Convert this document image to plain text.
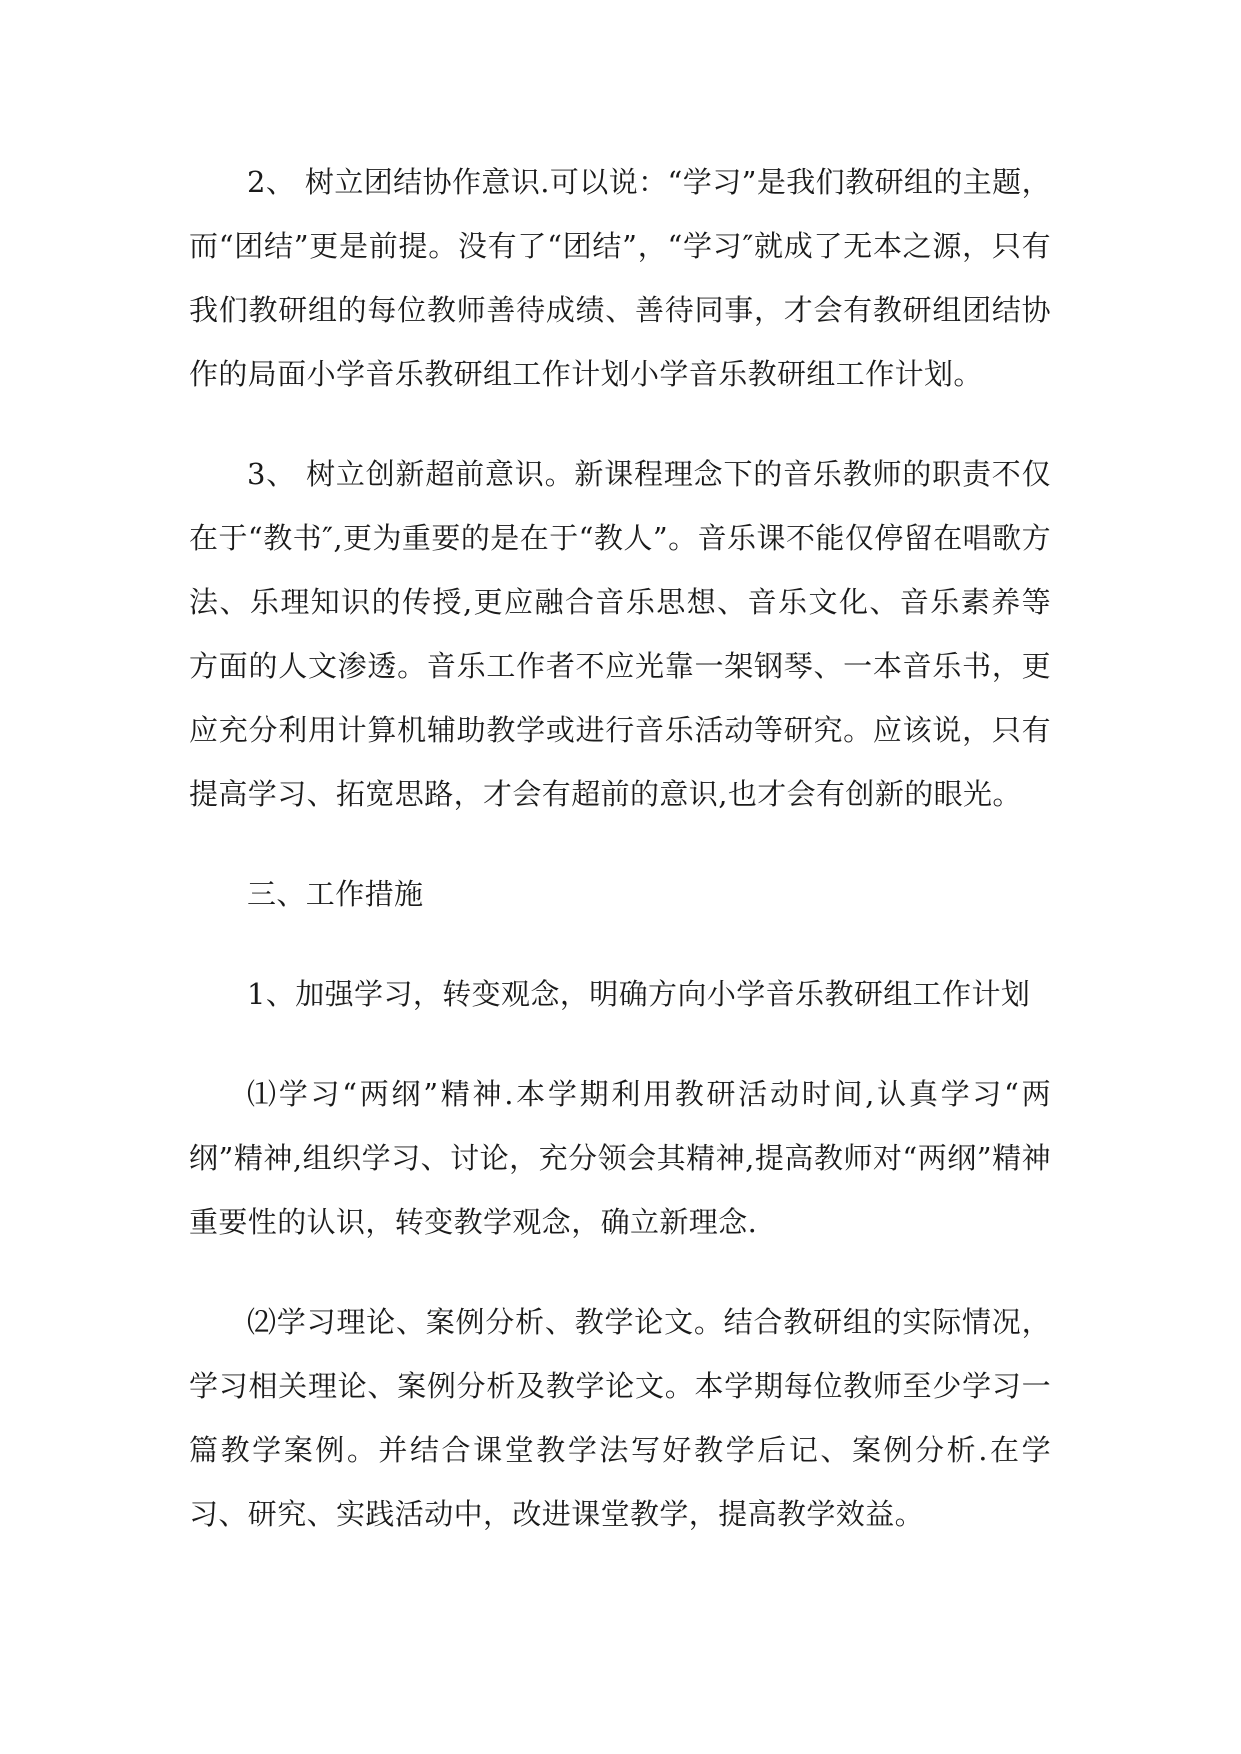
2、 树立团结协作意识.可以说：“学习”是我们教研组的主题，而“团结”更是前提。没有了“团结”，“学习″就成了无本之源，只有我们教研组的每位教师善待成绩、善待同事，才会有教研组团结协作的局面小学音乐教研组工作计划小学音乐教研组工作计划。

3、 树立创新超前意识。新课程理念下的音乐教师的职责不仅在于“教书″,更为重要的是在于“教人”。音乐课不能仅停留在唱歌方法、乐理知识的传授,更应融合音乐思想、音乐文化、音乐素养等方面的人文渗透。音乐工作者不应光靠一架钢琴、一本音乐书，更应充分利用计算机辅助教学或进行音乐活动等研究。应该说，只有提高学习、拓宽思路，才会有超前的意识,也才会有创新的眼光。

三、工作措施

1、加强学习，转变观念，明确方向小学音乐教研组工作计划

⑴学习“两纲”精神.本学期利用教研活动时间,认真学习“两纲”精神,组织学习、讨论，充分领会其精神,提高教师对“两纲”精神重要性的认识，转变教学观念，确立新理念.

⑵学习理论、案例分析、教学论文。结合教研组的实际情况，学习相关理论、案例分析及教学论文。本学期每位教师至少学习一篇教学案例。并结合课堂教学法写好教学后记、案例分析.在学习、研究、实践活动中，改进课堂教学，提高教学效益。
